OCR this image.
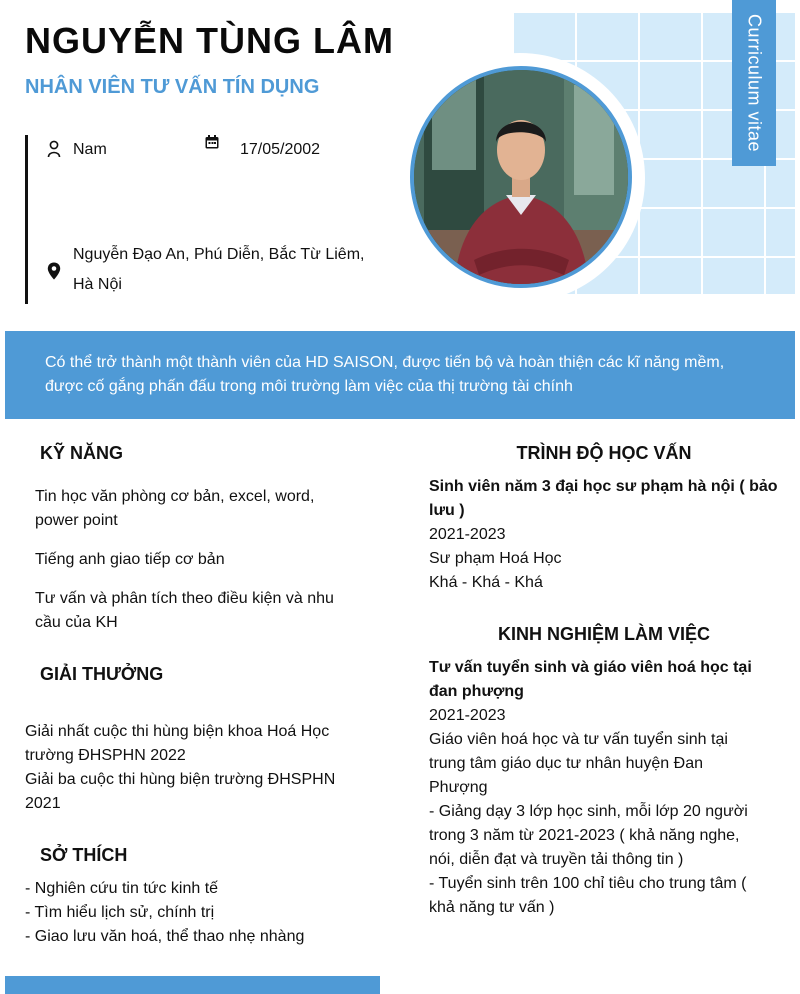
Curriculum vitae
NGUYỄN TÙNG LÂM
NHÂN VIÊN TƯ VẤN TÍN DỤNG
Nam	17/05/2002
Nguyễn Đạo An, Phú Diễn, Bắc Từ Liêm,
Hà Nội

Có thể trở thành một thành viên của HD SAISON, được tiến bộ và hoàn thiện các kĩ năng mềm,
được cố gắng phấn đấu trong môi trường làm việc của thị trường tài chính

KỸ NĂNG

Tin học văn phòng cơ bản, excel, word,
power point

Tiếng anh giao tiếp cơ bản

Tư vấn và phân tích theo điều kiện và nhu
cầu của KH

GIẢI THƯỞNG

Giải nhất cuộc thi hùng biện khoa Hoá Học
trường ĐHSPHN 2022
Giải ba cuộc thi hùng biện trường ĐHSPHN
2021

SỞ THÍCH

- Nghiên cứu tin tức kinh tế
- Tìm hiểu lịch sử, chính trị
- Giao lưu văn hoá, thể thao nhẹ nhàng

TRÌNH ĐỘ HỌC VẤN

Sinh viên năm 3 đại học sư phạm hà nội ( bảo
lưu )
2021-2023
Sư phạm Hoá Học
Khá - Khá - Khá

KINH NGHIỆM LÀM VIỆC

Tư vấn tuyển sinh và giáo viên hoá học tại
đan phượng
2021-2023
Giáo viên hoá học và tư vấn tuyển sinh tại
trung tâm giáo dục tư nhân huyện Đan
Phượng
- Giảng dạy 3 lớp học sinh, mỗi lớp 20 người
trong 3 năm từ 2021-2023 ( khả năng nghe,
nói, diễn đạt và truyền tải thông tin )
- Tuyển sinh trên 100 chỉ tiêu cho trung tâm (
khả năng tư vấn )
